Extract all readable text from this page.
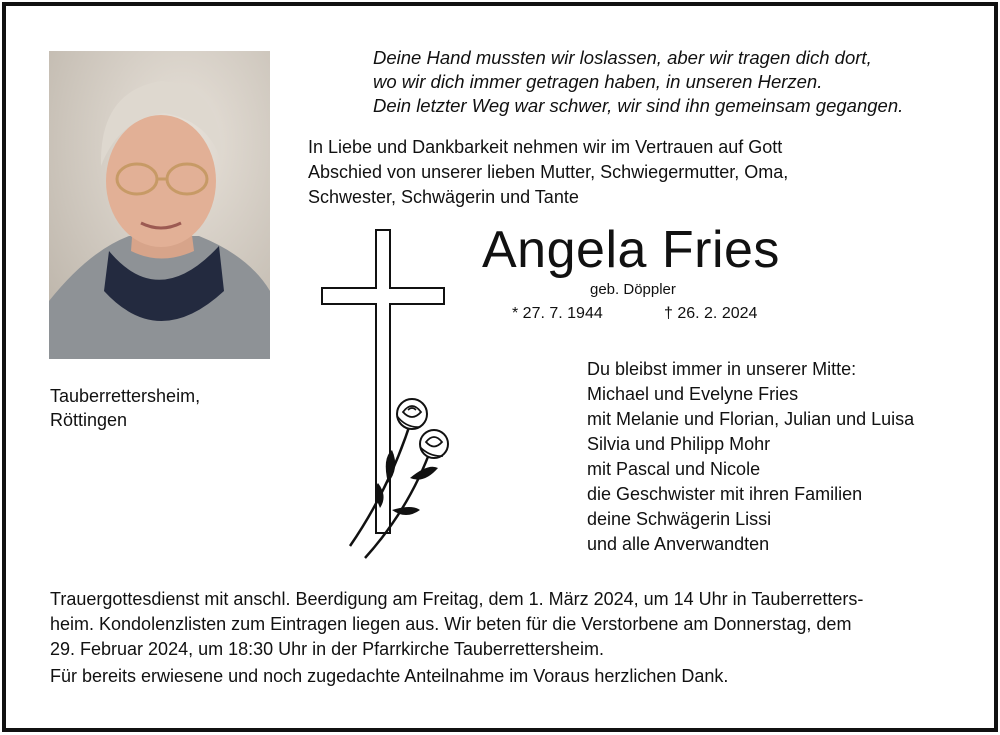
Deine Hand mussten wir loslassen, aber wir tragen dich dort,
wo wir dich immer getragen haben, in unseren Herzen.
Dein letzter Weg war schwer, wir sind ihn gemeinsam gegangen.
In Liebe und Dankbarkeit nehmen wir im Vertrauen auf Gott
Abschied von unserer lieben Mutter, Schwiegermutter, Oma,
Schwester, Schwägerin und Tante
Angela Fries
geb. Döppler
* 27. 7. 1944	† 26. 2. 2024
Tauberrettersheim,
Röttingen
Du bleibst immer in unserer Mitte:
Michael und Evelyne Fries
mit Melanie und Florian, Julian und Luisa
Silvia und Philipp Mohr
mit Pascal und Nicole
die Geschwister mit ihren Familien
deine Schwägerin Lissi
und alle Anverwandten
Trauergottesdienst mit anschl. Beerdigung am Freitag, dem 1. März 2024, um 14 Uhr in Tauberretters-
heim. Kondolenzlisten zum Eintragen liegen aus. Wir beten für die Verstorbene am Donnerstag, dem
29. Februar 2024, um 18:30 Uhr in der Pfarrkirche Tauberrettersheim.
Für bereits erwiesene und noch zugedachte Anteilnahme im Voraus herzlichen Dank.
